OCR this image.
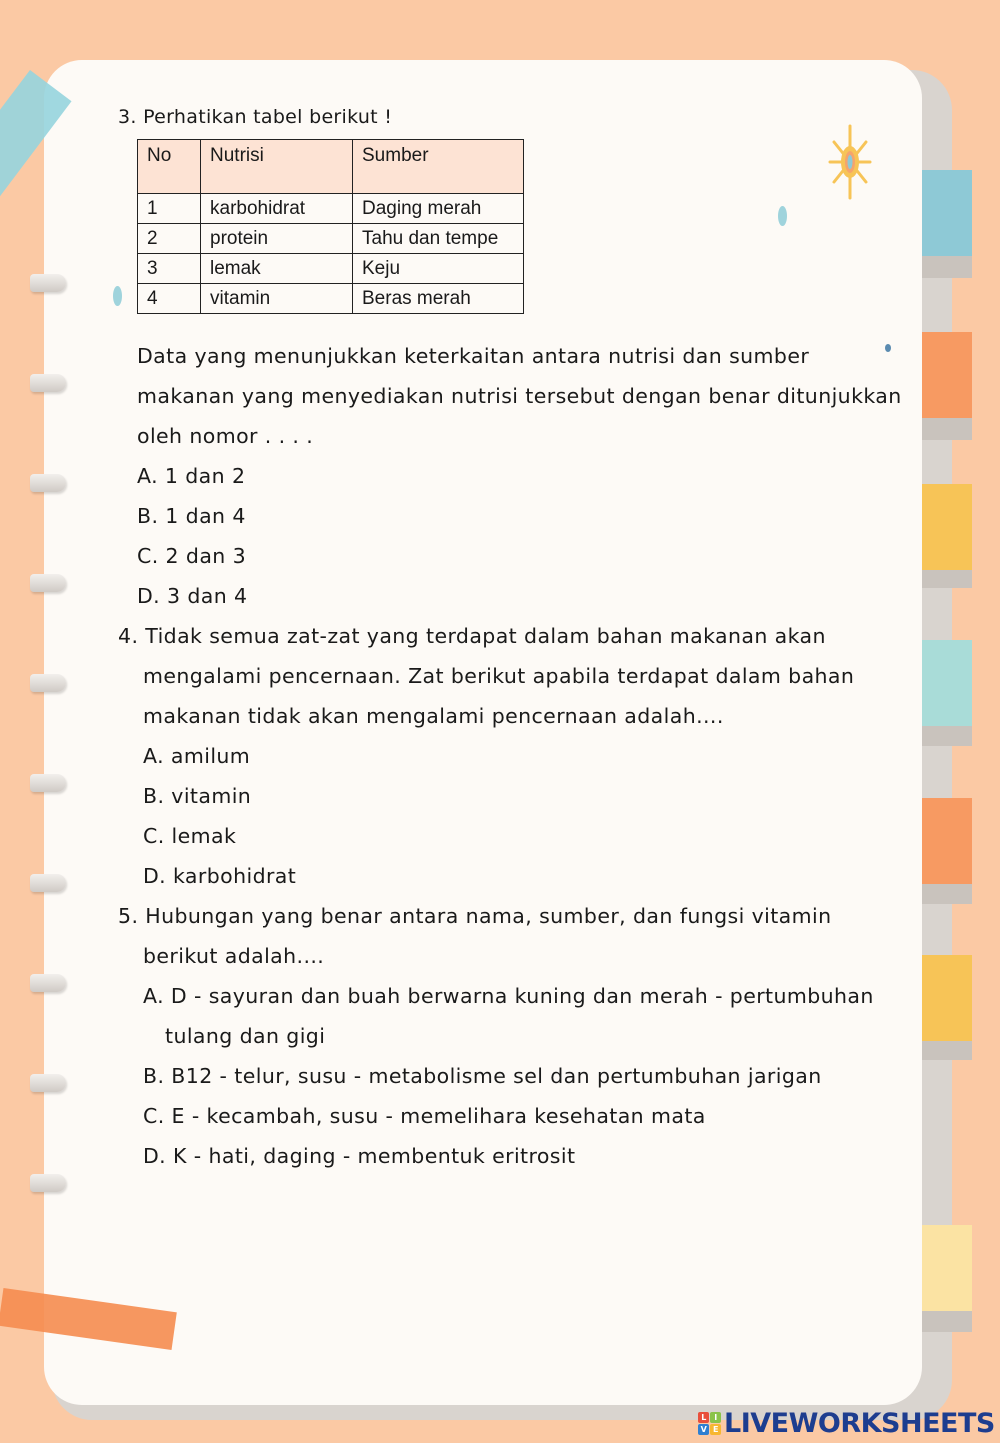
3. Perhatikan tabel berikut !
No	Nutrisi	Sumber
1	karbohidrat	Daging merah
2	protein	Tahu dan tempe
3	lemak	Keju
4	vitamin	Beras merah
Data yang menunjukkan keterkaitan antara nutrisi dan sumber
makanan yang menyediakan nutrisi tersebut dengan benar ditunjukkan
oleh nomor . . . .
A. 1 dan 2
B. 1 dan 4
C. 2 dan 3
D. 3 dan 4
4. Tidak semua zat-zat yang terdapat dalam bahan makanan akan
mengalami pencernaan. Zat berikut apabila terdapat dalam bahan
makanan tidak akan mengalami pencernaan adalah....
A. amilum
B. vitamin
C. lemak
D. karbohidrat
5. Hubungan yang benar antara nama, sumber, dan fungsi vitamin
berikut adalah....
A. D - sayuran dan buah berwarna kuning dan merah - pertumbuhan
tulang dan gigi
B. B12 - telur, susu - metabolisme sel dan pertumbuhan jarigan
C. E - kecambah, susu - memelihara kesehatan mata
D. K - hati, daging - membentuk eritrosit
L	I
V E LIVEWORKSHEETS
